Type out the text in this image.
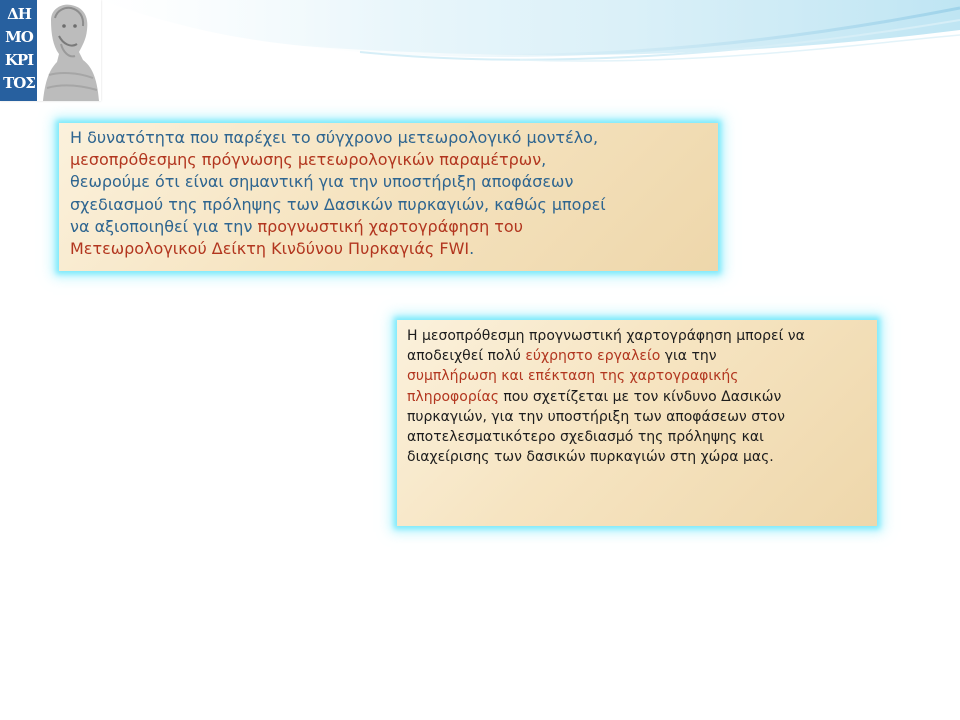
ΔΗ
ΜΟ
ΚΡΙ
ΤΟΣ
Η δυνατότητα που παρέχει το σύγχρονο μετεωρολογικό μοντέλο,
μεσοπρόθεσμης πρόγνωσης μετεωρολογικών παραμέτρων,
θεωρούμε ότι είναι σημαντική για την υποστήριξη αποφάσεων
σχεδιασμού της πρόληψης των Δασικών πυρκαγιών, καθώς μπορεί
να αξιοποιηθεί για την προγνωστική χαρτογράφηση του
Μετεωρολογικού Δείκτη Κινδύνου Πυρκαγιάς FWI.
Η μεσοπρόθεσμη προγνωστική χαρτογράφηση μπορεί να
αποδειχθεί πολύ εύχρηστο εργαλείο για την
συμπλήρωση και επέκταση της χαρτογραφικής
πληροφορίας που σχετίζεται με τον κίνδυνο Δασικών
πυρκαγιών, για την υποστήριξη των αποφάσεων στον
αποτελεσματικότερο σχεδιασμό της πρόληψης και
διαχείρισης των δασικών πυρκαγιών στη χώρα μας.
